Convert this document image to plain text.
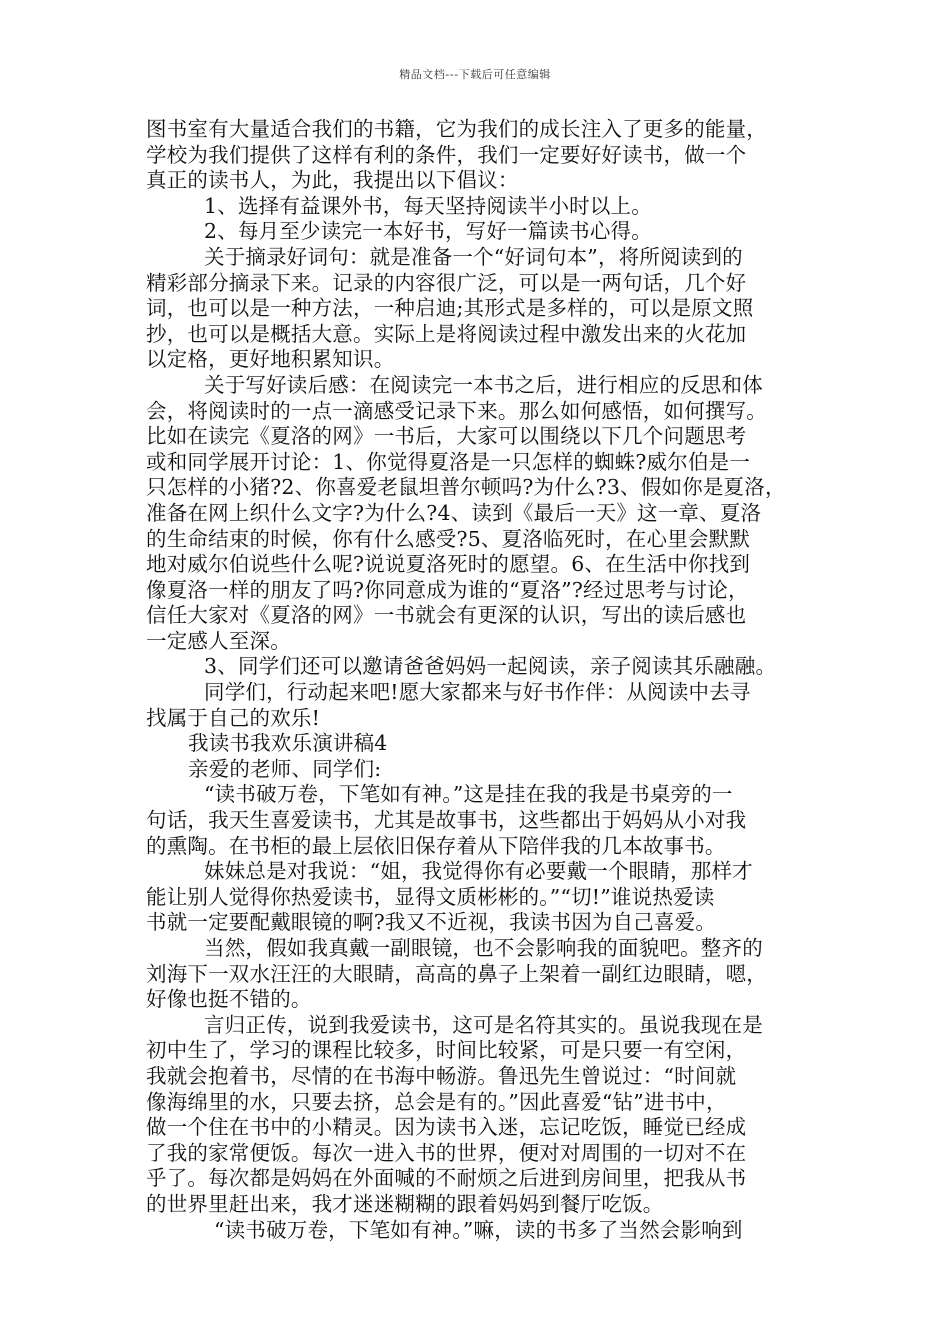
精品文档---下载后可任意编辑
图书室有大量适合我们的书籍，它为我们的成长注入了更多的能量，
学校为我们提供了这样有利的条件，我们一定要好好读书，做一个
真正的读书人，为此，我提出以下倡议：
1、选择有益课外书，每天坚持阅读半小时以上。
2、每月至少读完一本好书，写好一篇读书心得。
关于摘录好词句：就是准备一个“好词句本”，将所阅读到的
精彩部分摘录下来。记录的内容很广泛，可以是一两句话，几个好
词，也可以是一种方法，一种启迪;其形式是多样的，可以是原文照
抄，也可以是概括大意。实际上是将阅读过程中激发出来的火花加
以定格，更好地积累知识。
关于写好读后感：在阅读完一本书之后，进行相应的反思和体
会，将阅读时的一点一滴感受记录下来。那么如何感悟，如何撰写。
比如在读完《夏洛的网》一书后，大家可以围绕以下几个问题思考
或和同学展开讨论：1、你觉得夏洛是一只怎样的蜘蛛?威尔伯是一
只怎样的小猪?2、你喜爱老鼠坦普尔顿吗?为什么?3、假如你是夏洛，
准备在网上织什么文字?为什么?4、读到《最后一天》这一章、夏洛
的生命结束的时候，你有什么感受?5、夏洛临死时，在心里会默默
地对威尔伯说些什么呢?说说夏洛死时的愿望。6、在生活中你找到
像夏洛一样的朋友了吗?你同意成为谁的“夏洛”?经过思考与讨论，
信任大家对《夏洛的网》一书就会有更深的认识，写出的读后感也
一定感人至深。
3、同学们还可以邀请爸爸妈妈一起阅读，亲子阅读其乐融融。
同学们，行动起来吧!愿大家都来与好书作伴：从阅读中去寻
找属于自己的欢乐!
我读书我欢乐演讲稿4
亲爱的老师、同学们:
“读书破万卷，下笔如有神。”这是挂在我的我是书桌旁的一
句话，我天生喜爱读书，尤其是故事书，这些都出于妈妈从小对我
的熏陶。在书柜的最上层依旧保存着从下陪伴我的几本故事书。
妹妹总是对我说：“姐，我觉得你有必要戴一个眼睛，那样才
能让别人觉得你热爱读书，显得文质彬彬的。”“切!”谁说热爱读
书就一定要配戴眼镜的啊?我又不近视，我读书因为自己喜爱。
当然，假如我真戴一副眼镜，也不会影响我的面貌吧。整齐的
刘海下一双水汪汪的大眼睛，高高的鼻子上架着一副红边眼睛，嗯，
好像也挺不错的。
言归正传，说到我爱读书，这可是名符其实的。虽说我现在是
初中生了，学习的课程比较多，时间比较紧，可是只要一有空闲，
我就会抱着书，尽情的在书海中畅游。鲁迅先生曾说过：“时间就
像海绵里的水，只要去挤，总会是有的。”因此喜爱“钻”进书中，
做一个住在书中的小精灵。因为读书入迷，忘记吃饭，睡觉已经成
了我的家常便饭。每次一进入书的世界，便对对周围的一切对不在
乎了。每次都是妈妈在外面喊的不耐烦之后进到房间里，把我从书
的世界里赶出来，我才迷迷糊糊的跟着妈妈到餐厅吃饭。
“读书破万卷，下笔如有神。”嘛，读的书多了当然会影响到
